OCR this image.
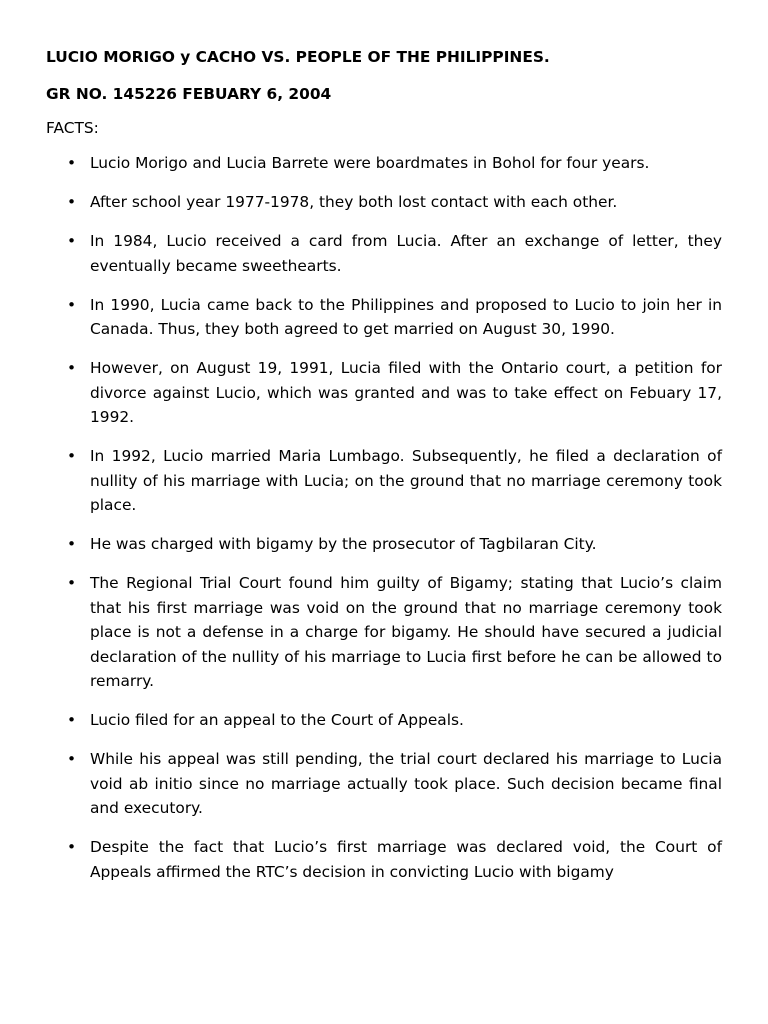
LUCIO MORIGO y CACHO VS. PEOPLE OF THE PHILIPPINES.
GR NO. 145226 FEBUARY 6, 2004
FACTS:
• Lucio Morigo and Lucia Barrete were boardmates in Bohol for four years.
• After school year 1977-1978, they both lost contact with each other.
• In 1984, Lucio received a card from Lucia. After an exchange of letter, they eventually became sweethearts.
• In 1990, Lucia came back to the Philippines and proposed to Lucio to join her in Canada. Thus, they both agreed to get married on August 30, 1990.
• However, on August 19, 1991, Lucia filed with the Ontario court, a petition for divorce against Lucio, which was granted and was to take effect on Febuary 17, 1992.
• In 1992, Lucio married Maria Lumbago. Subsequently, he filed a declaration of nullity of his marriage with Lucia; on the ground that no marriage ceremony took place.
• He was charged with bigamy by the prosecutor of Tagbilaran City.
• The Regional Trial Court found him guilty of Bigamy; stating that Lucio’s claim that his first marriage was void on the ground that no marriage ceremony took place is not a defense in a charge for bigamy. He should have secured a judicial declaration of the nullity of his marriage to Lucia first before he can be allowed to remarry.
• Lucio filed for an appeal to the Court of Appeals.
• While his appeal was still pending, the trial court declared his marriage to Lucia void ab initio since no marriage actually took place. Such decision became final and executory.
• Despite the fact that Lucio’s first marriage was declared void, the Court of Appeals affirmed the RTC’s decision in convicting Lucio with bigamy
